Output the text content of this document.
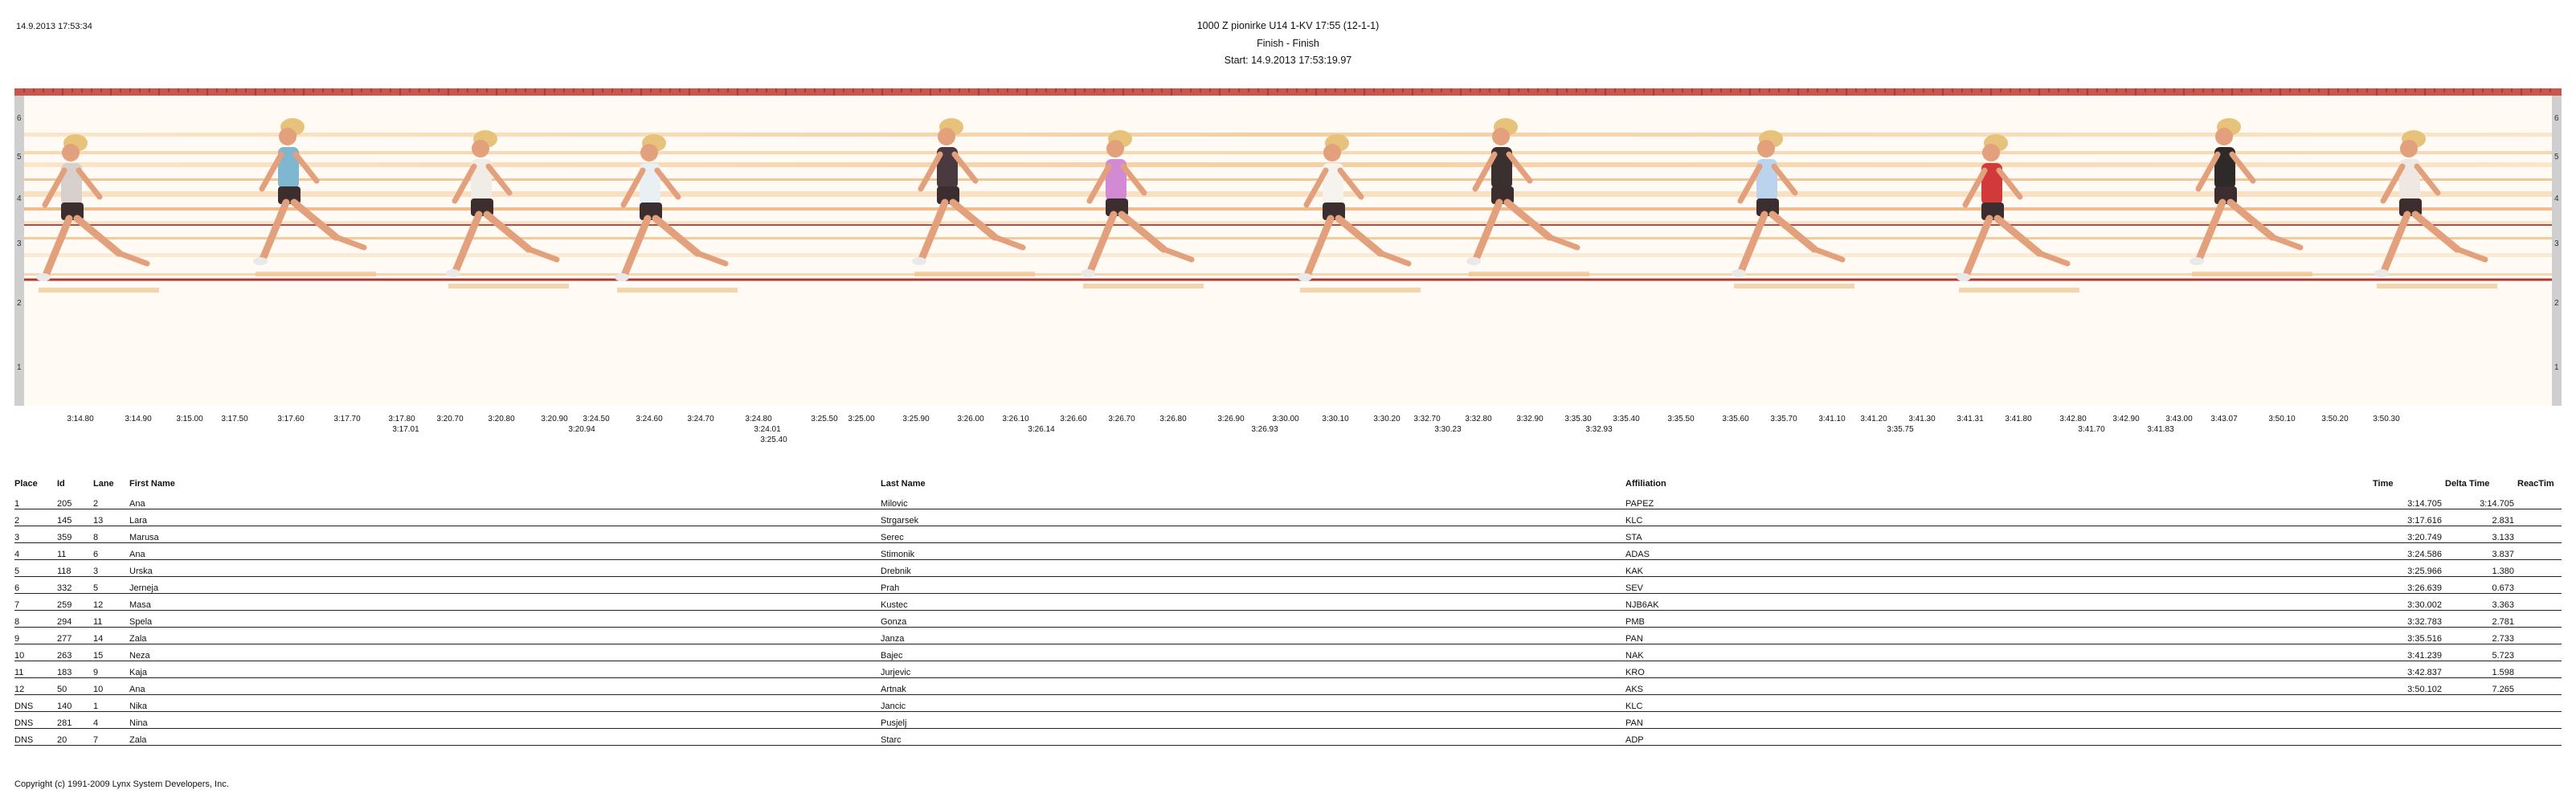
14.9.2013 17:53:34	1000 Z pionirke U14 1-KV 17:55 (12-1-1)
Finish - Finish
Start: 14.9.2013 17:53:19.97
6
5
4
3
2
1
6
5
4
3
2
1
3:14.80	3:14.90	3:15.00 3:17.50	3:17.60	3:17.70	3:17.80	3:20.70	3:20.80	3:20.90 3:24.50	3:24.60	3:24.70	3:24.80	3:25.50 3:25.00	3:25.90	3:26.00 3:26.10	3:26.60	3:26.70	3:26.80	3:26.90	3:30.00	3:30.10	3:30.20 3:32.70	3:32.80	3:32.90	3:35.30	3:35.40	3:35.50	3:35.60	3:35.70	3:41.10 3:41.20	3:41.30	3:41.31	3:41.80	3:42.80	3:42.90	3:43.00 3:43.07	3:50.10	3:50.20	3:50.30
3:17.01	3:20.94	3:24.01	3:26.14	3:26.93	3:30.23	3:32.93	3:35.75	3:41.70	3:41.83
3:25.40
Place	Id	Lane	First Name	Last Name	Affiliation	Time	Delta Time	ReacTim
1	205	2	Ana	Milovic	PAPEZ	3:14.705	3:14.705	
2	145	13	Lara	Strgarsek	KLC	3:17.616	2.831	
3	359	8	Marusa	Serec	STA	3:20.749	3.133	
4	11	6	Ana	Stimonik	ADAS	3:24.586	3.837	
5	118	3	Urska	Drebnik	KAK	3:25.966	1.380	
6	332	5	Jerneja	Prah	SEV	3:26.639	0.673	
7	259	12	Masa	Kustec	NJB6AK	3:30.002	3.363	
8	294	11	Spela	Gonza	PMB	3:32.783	2.781	
9	277	14	Zala	Janza	PAN	3:35.516	2.733	
10	263	15	Neza	Bajec	NAK	3:41.239	5.723	
11	183	9	Kaja	Jurjevic	KRO	3:42.837	1.598	
12	50	10	Ana	Artnak	AKS	3:50.102	7.265	
DNS	140	1	Nika	Jancic	KLC			
DNS	281	4	Nina	Pusjelj	PAN			
DNS	20	7	Zala	Starc	ADP			
Copyright (c) 1991-2009 Lynx System Developers, Inc.
